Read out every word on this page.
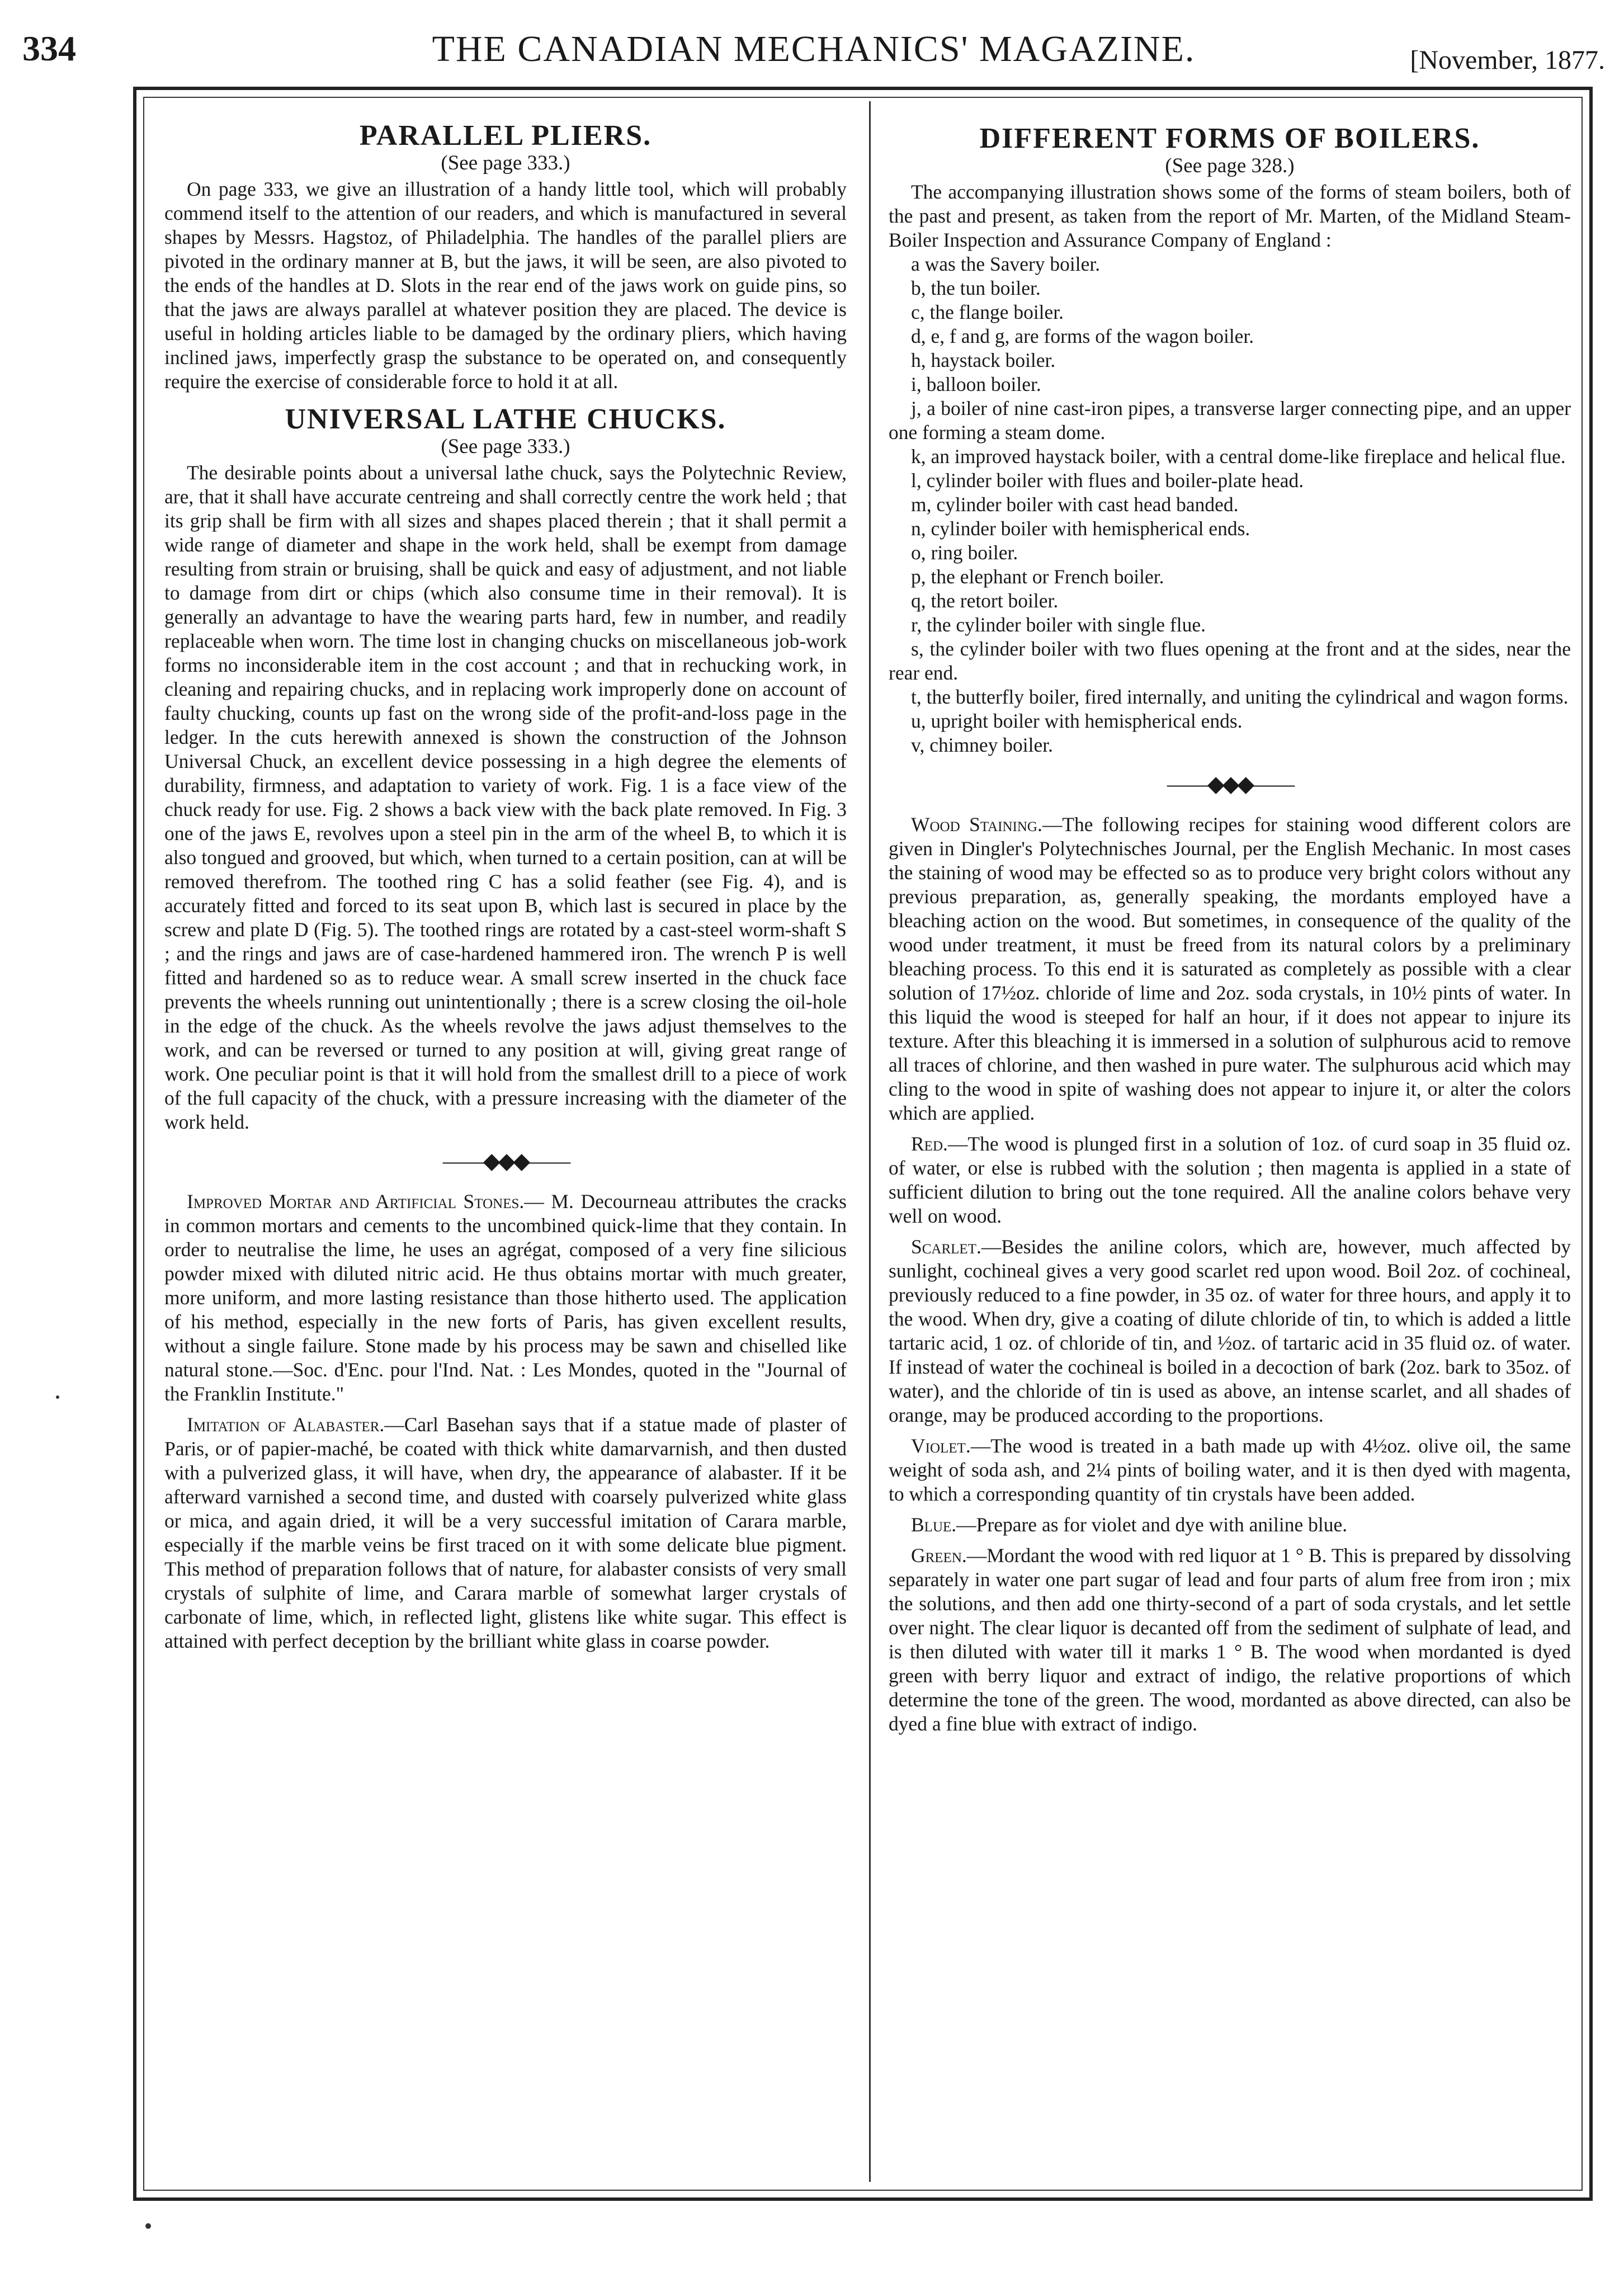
334	THE CANADIAN MECHANICS' MAGAZINE.	[November, 1877.
PARALLEL PLIERS.
(See page 333.)

On page 333, we give an illustration of a handy little tool, which will probably commend itself to the attention of our readers, and which is manufactured in several shapes by Messrs. Hagstoz, of Philadelphia. The handles of the parallel pliers are pivoted in the ordinary manner at B, but the jaws, it will be seen, are also pivoted to the ends of the handles at D. Slots in the rear end of the jaws work on guide pins, so that the jaws are always parallel at whatever position they are placed. The device is useful in holding articles liable to be damaged by the ordinary pliers, which having inclined jaws, imperfectly grasp the substance to be operated on, and consequently require the exercise of considerable force to hold it at all.

UNIVERSAL LATHE CHUCKS.
(See page 333.)

The desirable points about a universal lathe chuck, says the Polytechnic Review, are, that it shall have accurate centreing and shall correctly centre the work held ; that its grip shall be firm with all sizes and shapes placed therein ; that it shall permit a wide range of diameter and shape in the work held, shall be exempt from damage resulting from strain or bruising, shall be quick and easy of adjustment, and not liable to damage from dirt or chips (which also consume time in their removal). It is generally an advantage to have the wearing parts hard, few in number, and readily replaceable when worn. The time lost in changing chucks on miscellaneous job-work forms no inconsiderable item in the cost account ; and that in rechucking work, in cleaning and repairing chucks, and in replacing work improperly done on account of faulty chucking, counts up fast on the wrong side of the profit-and-loss page in the ledger. In the cuts herewith annexed is shown the construction of the Johnson Universal Chuck, an excellent device possessing in a high degree the elements of durability, firmness, and adaptation to variety of work. Fig. 1 is a face view of the chuck ready for use. Fig. 2 shows a back view with the back plate removed. In Fig. 3 one of the jaws E, revolves upon a steel pin in the arm of the wheel B, to which it is also tongued and grooved, but which, when turned to a certain position, can at will be removed therefrom. The toothed ring C has a solid feather (see Fig. 4), and is accurately fitted and forced to its seat upon B, which last is secured in place by the screw and plate D (Fig. 5). The toothed rings are rotated by a cast-steel worm-shaft S ; and the rings and jaws are of case-hardened hammered iron. The wrench P is well fitted and hardened so as to reduce wear. A small screw inserted in the chuck face prevents the wheels running out unintentionally ; there is a screw closing the oil-hole in the edge of the chuck. As the wheels revolve the jaws adjust themselves to the work, and can be reversed or turned to any position at will, giving great range of work. One peculiar point is that it will hold from the smallest drill to a piece of work of the full capacity of the chuck, with a pressure increasing with the diameter of the work held.

——◆◆◆——

Improved Mortar and Artificial Stones.— M. Decourneau attributes the cracks in common mortars and cements to the uncombined quick-lime that they contain. In order to neutralise the lime, he uses an agrégat, composed of a very fine silicious powder mixed with diluted nitric acid. He thus obtains mortar with much greater, more uniform, and more lasting resistance than those hitherto used. The application of his method, especially in the new forts of Paris, has given excellent results, without a single failure. Stone made by his process may be sawn and chiselled like natural stone.—Soc. d'Enc. pour l'Ind. Nat. : Les Mondes, quoted in the "Journal of the Franklin Institute."

Imitation of Alabaster.—Carl Basehan says that if a statue made of plaster of Paris, or of papier-maché, be coated with thick white damarvarnish, and then dusted with a pulverized glass, it will have, when dry, the appearance of alabaster. If it be afterward varnished a second time, and dusted with coarsely pulverized white glass or mica, and again dried, it will be a very successful imitation of Carara marble, especially if the marble veins be first traced on it with some delicate blue pigment. This method of preparation follows that of nature, for alabaster consists of very small crystals of sulphite of lime, and Carara marble of somewhat larger crystals of carbonate of lime, which, in reflected light, glistens like white sugar. This effect is attained with perfect deception by the brilliant white glass in coarse powder.

DIFFERENT FORMS OF BOILERS.
(See page 328.)

The accompanying illustration shows some of the forms of steam boilers, both of the past and present, as taken from the report of Mr. Marten, of the Midland Steam-Boiler Inspection and Assurance Company of England :

a was the Savery boiler.

b, the tun boiler.

c, the flange boiler.

d, e, f and g, are forms of the wagon boiler.

h, haystack boiler.

i, balloon boiler.

j, a boiler of nine cast-iron pipes, a transverse larger connecting pipe, and an upper one forming a steam dome.

k, an improved haystack boiler, with a central dome-like fireplace and helical flue.

l, cylinder boiler with flues and boiler-plate head.

m, cylinder boiler with cast head banded.

n, cylinder boiler with hemispherical ends.

o, ring boiler.

p, the elephant or French boiler.

q, the retort boiler.

r, the cylinder boiler with single flue.

s, the cylinder boiler with two flues opening at the front and at the sides, near the rear end.

t, the butterfly boiler, fired internally, and uniting the cylindrical and wagon forms.

u, upright boiler with hemispherical ends.

v, chimney boiler.

——◆◆◆——

Wood Staining.—The following recipes for staining wood different colors are given in Dingler's Polytechnisches Journal, per the English Mechanic. In most cases the staining of wood may be effected so as to produce very bright colors without any previous preparation, as, generally speaking, the mordants employed have a bleaching action on the wood. But sometimes, in consequence of the quality of the wood under treatment, it must be freed from its natural colors by a preliminary bleaching process. To this end it is saturated as completely as possible with a clear solution of 17½oz. chloride of lime and 2oz. soda crystals, in 10½ pints of water. In this liquid the wood is steeped for half an hour, if it does not appear to injure its texture. After this bleaching it is immersed in a solution of sulphurous acid to remove all traces of chlorine, and then washed in pure water. The sulphurous acid which may cling to the wood in spite of washing does not appear to injure it, or alter the colors which are applied.

Red.—The wood is plunged first in a solution of 1oz. of curd soap in 35 fluid oz. of water, or else is rubbed with the solution ; then magenta is applied in a state of sufficient dilution to bring out the tone required. All the analine colors behave very well on wood.

Scarlet.—Besides the aniline colors, which are, however, much affected by sunlight, cochineal gives a very good scarlet red upon wood. Boil 2oz. of cochineal, previously reduced to a fine powder, in 35 oz. of water for three hours, and apply it to the wood. When dry, give a coating of dilute chloride of tin, to which is added a little tartaric acid, 1 oz. of chloride of tin, and ½oz. of tartaric acid in 35 fluid oz. of water. If instead of water the cochineal is boiled in a decoction of bark (2oz. bark to 35oz. of water), and the chloride of tin is used as above, an intense scarlet, and all shades of orange, may be produced according to the proportions.

Violet.—The wood is treated in a bath made up with 4½oz. olive oil, the same weight of soda ash, and 2¼ pints of boiling water, and it is then dyed with magenta, to which a corresponding quantity of tin crystals have been added.

Blue.—Prepare as for violet and dye with aniline blue.

Green.—Mordant the wood with red liquor at 1 ° B. This is prepared by dissolving separately in water one part sugar of lead and four parts of alum free from iron ; mix the solutions, and then add one thirty-second of a part of soda crystals, and let settle over night. The clear liquor is decanted off from the sediment of sulphate of lead, and is then diluted with water till it marks 1 ° B. The wood when mordanted is dyed green with berry liquor and extract of indigo, the relative proportions of which determine the tone of the green. The wood, mordanted as above directed, can also be dyed a fine blue with extract of indigo.
